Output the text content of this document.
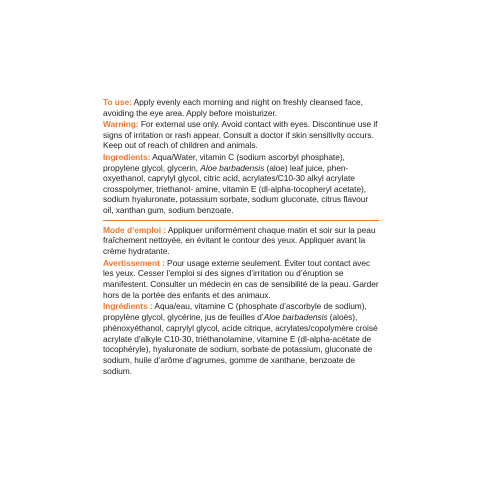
To use: Apply evenly each morning and night on freshly cleansed face, avoiding the eye area. Apply before moisturizer.

Warning: For external use only. Avoid contact with eyes. Discontinue use if signs of irritation or rash appear. Consult a doctor if skin sensitivity occurs. Keep out of reach of children and animals.

Ingredients: Aqua/Water, vitamin C (sodium ascorbyl phosphate), propylene glycol, glycerin, Aloe barbadensis (aloe) leaf juice, phen-oxyethanol, caprylyl glycol, citric acid, acrylates/C10-30 alkyl acrylate crosspolymer, triethanol- amine, vitamin E (dl-alpha-tocopheryl acetate), sodium hyaluronate, potassium sorbate, sodium gluconate, citrus flavour oil, xanthan gum, sodium benzoate.

Mode d’emploi : Appliquer uniformément chaque matin et soir sur la peau fraîchement nettoyée, en évitant le contour des yeux. Appliquer avant la crème hydratante.

Avertissement : Pour usage externe seulement. Éviter tout contact avec les yeux. Cesser l’emploi si des signes d’irritation ou d’éruption se manifestent. Consulter un médecin en cas de sensibilité de la peau. Garder hors de la portée des enfants et des animaux.

Ingrédients : Aqua/eau, vitamine C (phosphate d’ascorbyle de sodium), propylène glycol, glycérine, jus de feuilles d’Aloe barbadensis (aloès), phénoxyéthanol, caprylyl glycol, acide citrique, acrylates/copolymère croisé acrylate d’alkyle C10-30, triéthanolamine, vitamine E (dl-alpha-acétate de tocophéryle), hyaluronate de sodium, sorbate de potassium, gluconate de sodium, huile d’arôme d’agrumes, gomme de xanthane, benzoate de sodium.
